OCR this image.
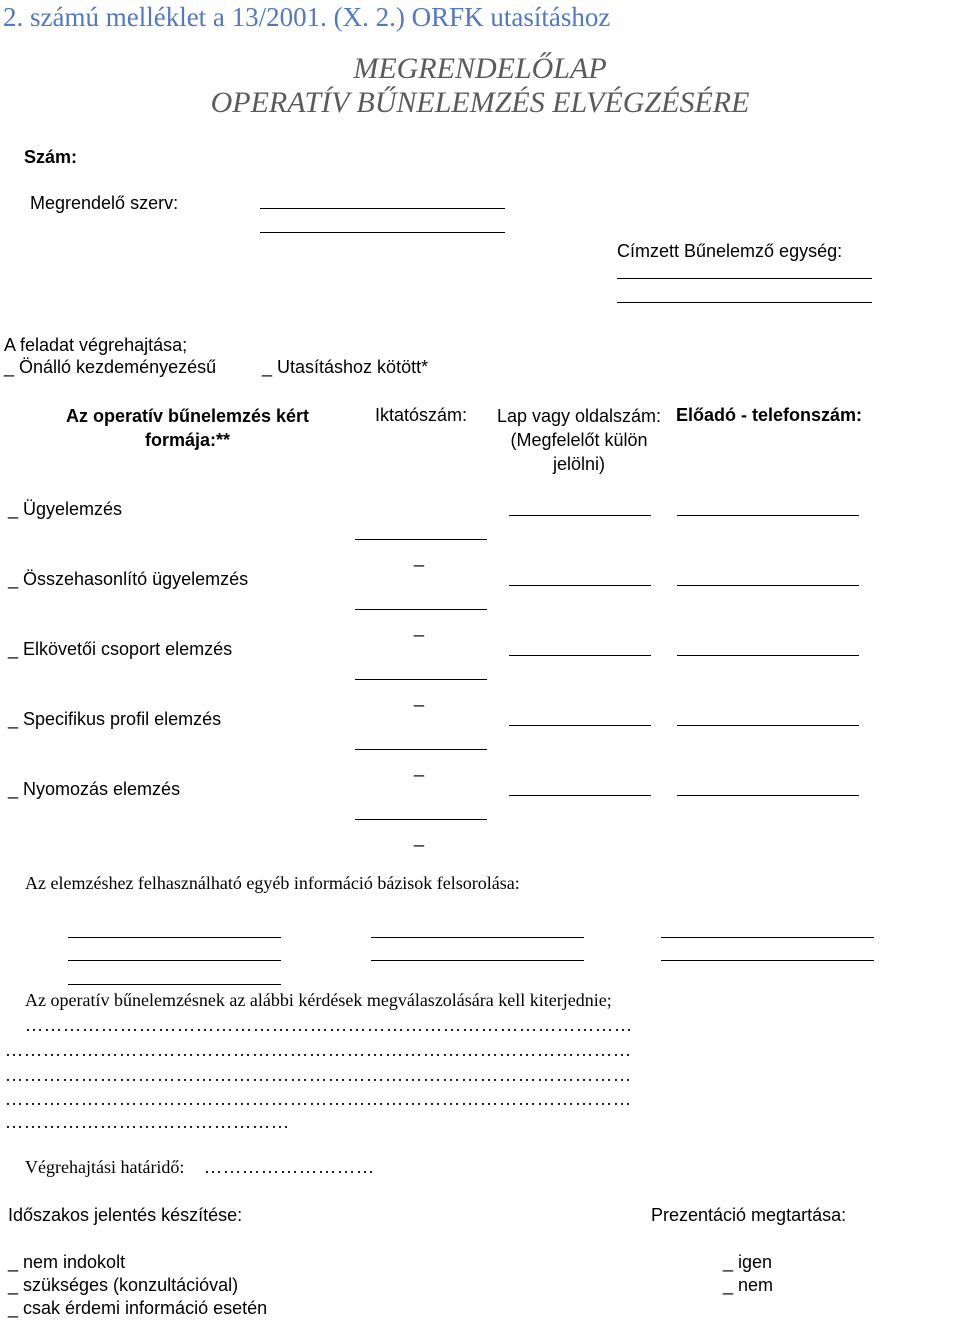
2. számú melléklet a 13/2001. (X. 2.) ORFK utasításhoz
MEGRENDELŐLAP
OPERATÍV BŰNELEMZÉS ELVÉGZÉSÉRE
Szám:
Megrendelő szerv:
Címzett Bűnelemző egység:
A feladat végrehajtása;
_ Önálló kezdeményezésű	_ Utasításhoz kötött*
Az operatív bűnelemzés kért formája:**
Iktatószám:	Lap vagy oldalszám: (Megfelelőt külön jelölni)
Előadó - telefonszám:
_ Ügyelemzés
_
_ Összehasonlító ügyelemzés
_
_ Elkövetői csoport elemzés
_
_ Specifikus profil elemzés
_
_ Nyomozás elemzés
_
Az elemzéshez felhasználható egyéb információ bázisok felsorolása:
Az operatív bűnelemzésnek az alábbi kérdések megválaszolására kell kiterjednie;
……………………………………………………………………………………
………………………………………………………………………………………
………………………………………………………………………………………
………………………………………………………………………………………
………………………………………
Végrehajtási határidő: ………………………
Időszakos jelentés készítése:
_ nem indokolt
_ szükséges (konzultációval)
_ csak érdemi információ esetén
Prezentáció megtartása:
_ igen
_ nem
